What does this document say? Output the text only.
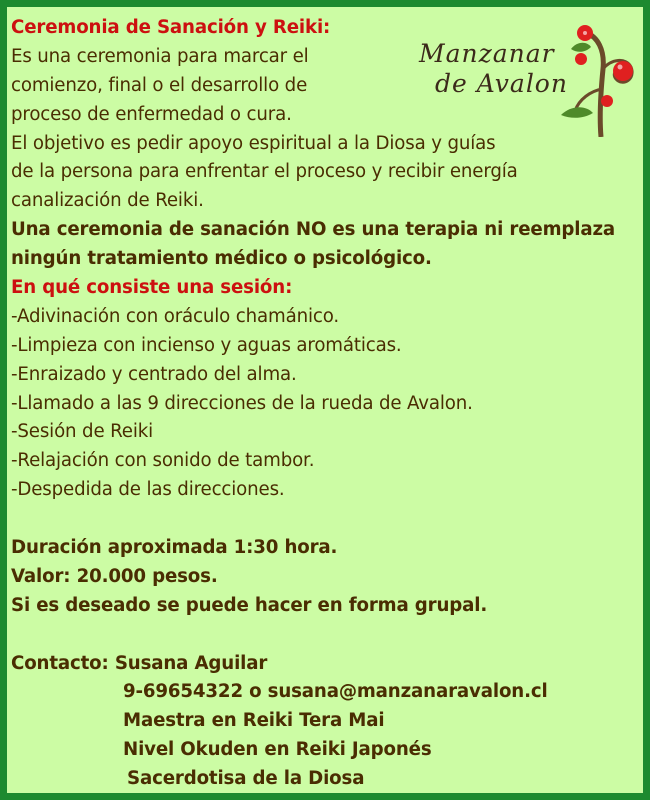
Ceremonia de Sanación y Reiki:
Es una ceremonia para marcar el
comienzo, final o el desarrollo de
proceso de enfermedad o cura.
El objetivo es pedir apoyo espiritual a la Diosa y guías
de la persona para enfrentar el proceso y recibir energía
canalización de Reiki.
Una ceremonia de sanación NO es una terapia ni reemplaza
ningún tratamiento médico o psicológico.
En qué consiste una sesión:
-Adivinación con oráculo chamánico.
-Limpieza con incienso y aguas aromáticas.
-Enraizado y centrado del alma.
-Llamado a las 9 direcciones de la rueda de Avalon.
-Sesión de Reiki
-Relajación con sonido de tambor.
-Despedida de las direcciones.
Duración aproximada 1:30 hora.
Valor: 20.000 pesos.
Si es deseado se puede hacer en forma grupal.
Contacto: Susana Aguilar
9-69654322 o susana@manzanaravalon.cl
Maestra en Reiki Tera Mai
Nivel Okuden en Reiki Japonés
Sacerdotisa de la Diosa
Manzanar
de Avalon
